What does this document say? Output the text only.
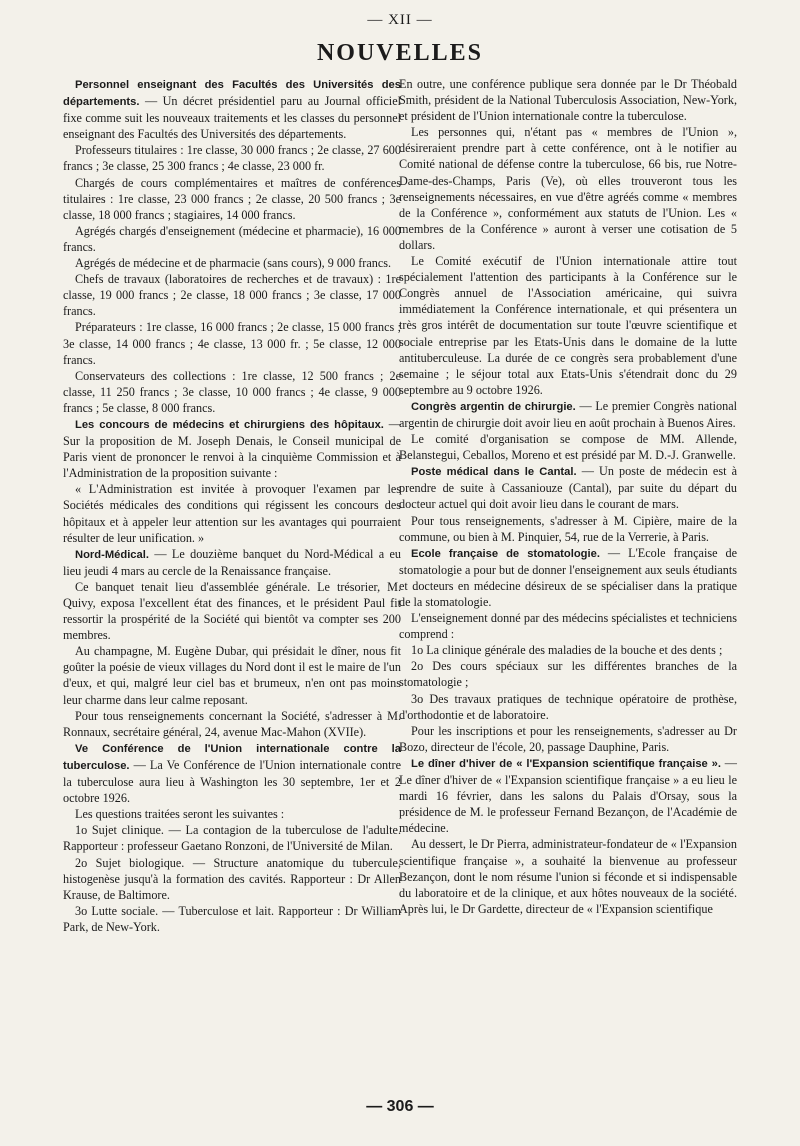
— XII —
NOUVELLES

Personnel enseignant des Facultés des Universités des départements. — Un décret présidentiel paru au Journal officiel fixe comme suit les nouveaux traitements et les classes du personnel enseignant des Facultés des Universités des départements.

Professeurs titulaires : 1re classe, 30 000 francs ; 2e classe, 27 600 francs ; 3e classe, 25 300 francs ; 4e classe, 23 000 fr.

Chargés de cours complémentaires et maîtres de conférences titulaires : 1re classe, 23 000 francs ; 2e classe, 20 500 francs ; 3e classe, 18 000 francs ; stagiaires, 14 000 francs.

Agrégés chargés d'enseignement (médecine et pharmacie), 16 000 francs.

Agrégés de médecine et de pharmacie (sans cours), 9 000 francs.

Chefs de travaux (laboratoires de recherches et de travaux) : 1re classe, 19 000 francs ; 2e classe, 18 000 francs ; 3e classe, 17 000 francs.

Préparateurs : 1re classe, 16 000 francs ; 2e classe, 15 000 francs ; 3e classe, 14 000 francs ; 4e classe, 13 000 fr. ; 5e classe, 12 000 francs.

Conservateurs des collections : 1re classe, 12 500 francs ; 2e classe, 11 250 francs ; 3e classe, 10 000 francs ; 4e classe, 9 000 francs ; 5e classe, 8 000 francs.

Les concours de médecins et chirurgiens des hôpitaux. — Sur la proposition de M. Joseph Denais, le Conseil municipal de Paris vient de prononcer le renvoi à la cinquième Commission et à l'Administration de la proposition suivante :

« L'Administration est invitée à provoquer l'examen par les Sociétés médicales des conditions qui régissent les concours des hôpitaux et à appeler leur attention sur les avantages qui pourraient résulter de leur unification. »

Nord-Médical. — Le douzième banquet du Nord-Médical a eu lieu jeudi 4 mars au cercle de la Renaissance française.

Ce banquet tenait lieu d'assemblée générale. Le trésorier, M. Quivy, exposa l'excellent état des finances, et le président Paul fit ressortir la prospérité de la Société qui bientôt va compter ses 200 membres.

Au champagne, M. Eugène Dubar, qui présidait le dîner, nous fit goûter la poésie de vieux villages du Nord dont il est le maire de l'un d'eux, et qui, malgré leur ciel bas et brumeux, n'en ont pas moins leur charme dans leur calme reposant.

Pour tous renseignements concernant la Société, s'adresser à M. Ronnaux, secrétaire général, 24, avenue Mac-Mahon (XVIIe).

Ve Conférence de l'Union internationale contre la tuberculose. — La Ve Conférence de l'Union internationale contre la tuberculose aura lieu à Washington les 30 septembre, 1er et 2 octobre 1926.

Les questions traitées seront les suivantes :

1o Sujet clinique. — La contagion de la tuberculose de l'adulte. Rapporteur : professeur Gaetano Ronzoni, de l'Université de Milan.

2o Sujet biologique. — Structure anatomique du tubercule, histogenèse jusqu'à la formation des cavités. Rapporteur : Dr Allen Krause, de Baltimore.

3o Lutte sociale. — Tuberculose et lait. Rapporteur : Dr William Park, de New-York.

En outre, une conférence publique sera donnée par le Dr Théobald Smith, président de la National Tuberculosis Association, New-York, et président de l'Union internationale contre la tuberculose.

Les personnes qui, n'étant pas « membres de l'Union », désireraient prendre part à cette conférence, ont à le notifier au Comité national de défense contre la tuberculose, 66 bis, rue Notre-Dame-des-Champs, Paris (Ve), où elles trouveront tous les renseignements nécessaires, en vue d'être agréés comme « membres de la Conférence », conformément aux statuts de l'Union. Les « membres de la Conférence » auront à verser une cotisation de 5 dollars.

Le Comité exécutif de l'Union internationale attire tout spécialement l'attention des participants à la Conférence sur le Congrès annuel de l'Association américaine, qui suivra immédiatement la Conférence internationale, et qui présentera un très gros intérêt de documentation sur toute l'œuvre scientifique et sociale entreprise par les Etats-Unis dans le domaine de la lutte antituberculeuse. La durée de ce congrès sera probablement d'une semaine ; le séjour total aux Etats-Unis s'étendrait donc du 29 septembre au 9 octobre 1926.

Congrès argentin de chirurgie. — Le premier Congrès national argentin de chirurgie doit avoir lieu en août prochain à Buenos Aires.

Le comité d'organisation se compose de MM. Allende, Belanstegui, Ceballos, Moreno et est présidé par M. D.-J. Granwelle.

Poste médical dans le Cantal. — Un poste de médecin est à prendre de suite à Cassaniouze (Cantal), par suite du départ du docteur actuel qui doit avoir lieu dans le courant de mars.

Pour tous renseignements, s'adresser à M. Cipière, maire de la commune, ou bien à M. Pinquier, 54, rue de la Verrerie, à Paris.

Ecole française de stomatologie. — L'Ecole française de stomatologie a pour but de donner l'enseignement aux seuls étudiants et docteurs en médecine désireux de se spécialiser dans la pratique de la stomatologie.

L'enseignement donné par des médecins spécialistes et techniciens comprend :

1o La clinique générale des maladies de la bouche et des dents ;

2o Des cours spéciaux sur les différentes branches de la stomatologie ;

3o Des travaux pratiques de technique opératoire de prothèse, d'orthodontie et de laboratoire.

Pour les inscriptions et pour les renseignements, s'adresser au Dr Bozo, directeur de l'école, 20, passage Dauphine, Paris.

Le dîner d'hiver de « l'Expansion scientifique française ». — Le dîner d'hiver de « l'Expansion scientifique française » a eu lieu le mardi 16 février, dans les salons du Palais d'Orsay, sous la présidence de M. le professeur Fernand Bezançon, de l'Académie de médecine.

Au dessert, le Dr Pierra, administrateur-fondateur de « l'Expansion scientifique française », a souhaité la bienvenue au professeur Bezançon, dont le nom résume l'union si féconde et si indispensable du laboratoire et de la clinique, et aux hôtes nouveaux de la société. Après lui, le Dr Gardette, directeur de « l'Expansion scientifique

— 306 —
